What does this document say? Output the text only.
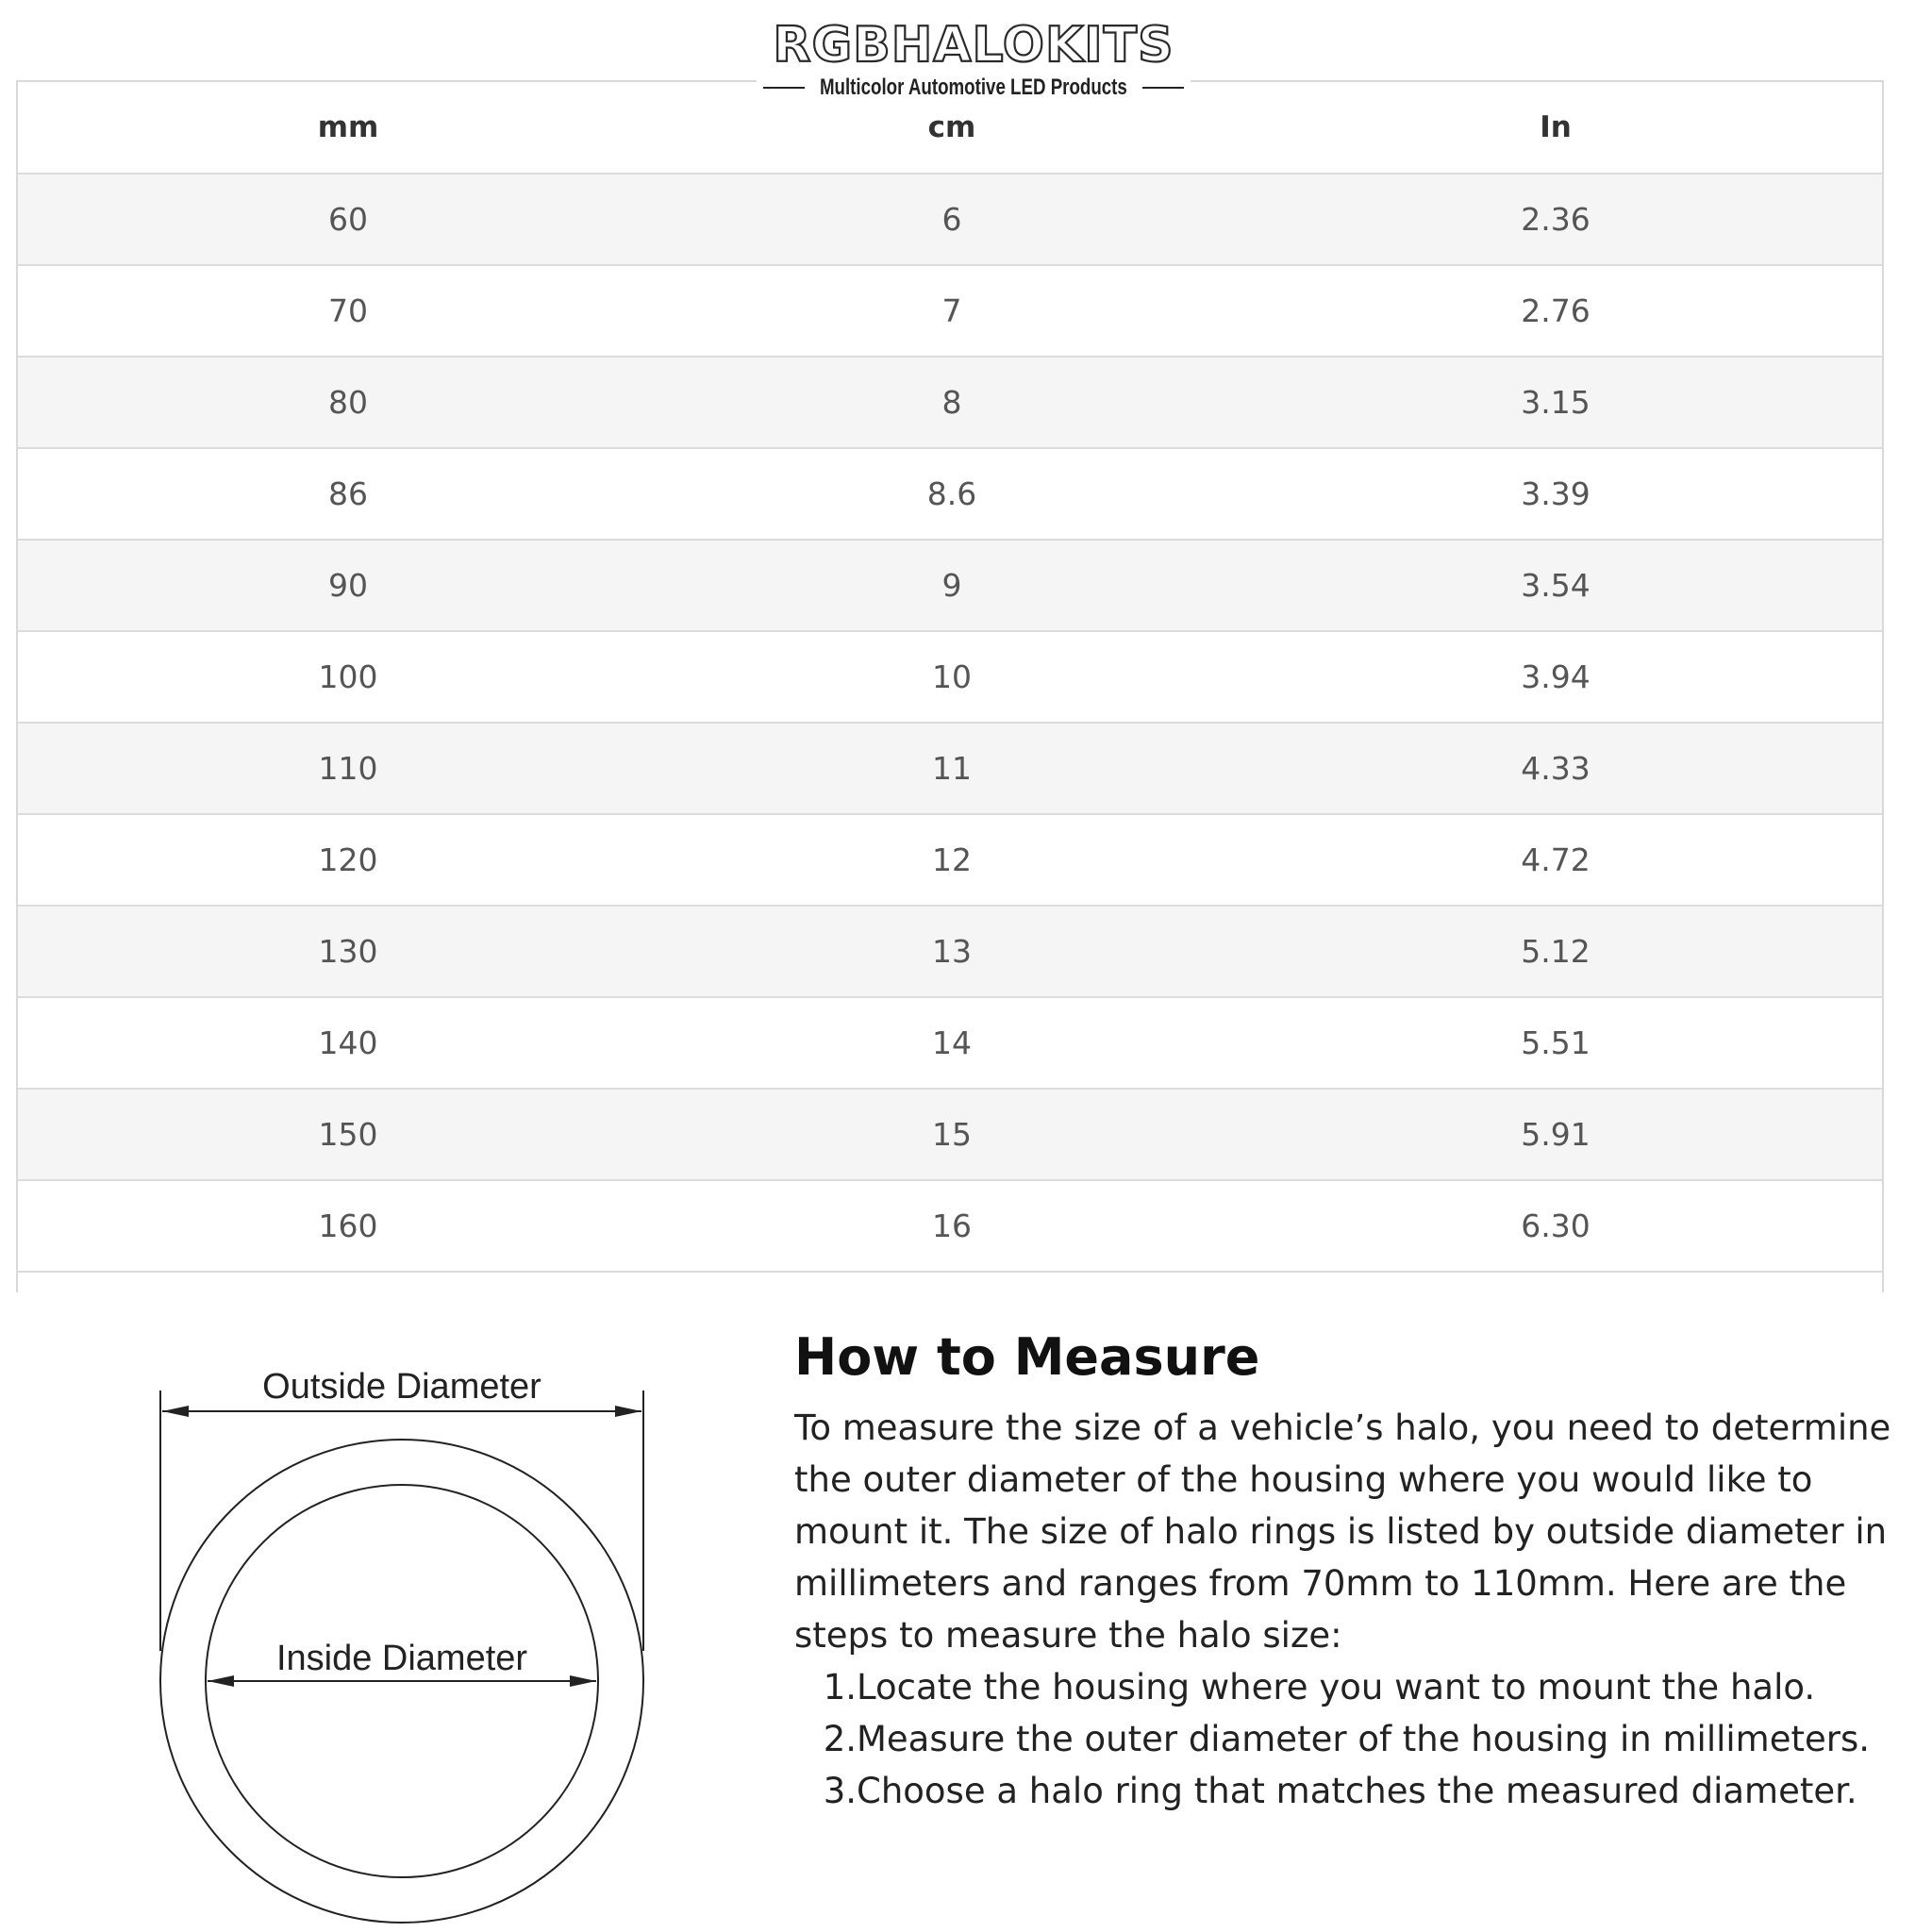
RGBHALOKITS
Multicolor Automotive LED Products
mm	cm	In
60	6	2.36
70	7	2.76
80	8	3.15
86	8.6	3.39
90	9	3.54
100	10	3.94
110	11	4.33
120	12	4.72
130	13	5.12
140	14	5.51
150	15	5.91
160	16	6.30
Outside Diameter
Inside Diameter
How to Measure

To measure the size of a vehicle’s halo, you need to determine the outer diameter of the housing where you would like to mount it. The size of halo rings is listed by outside diameter in millimeters and ranges from 70mm to 110mm. Here are the steps to measure the halo size:

1. Locate the housing where you want to mount the halo.
2. Measure the outer diameter of the housing in millimeters.
3. Choose a halo ring that matches the measured diameter.
